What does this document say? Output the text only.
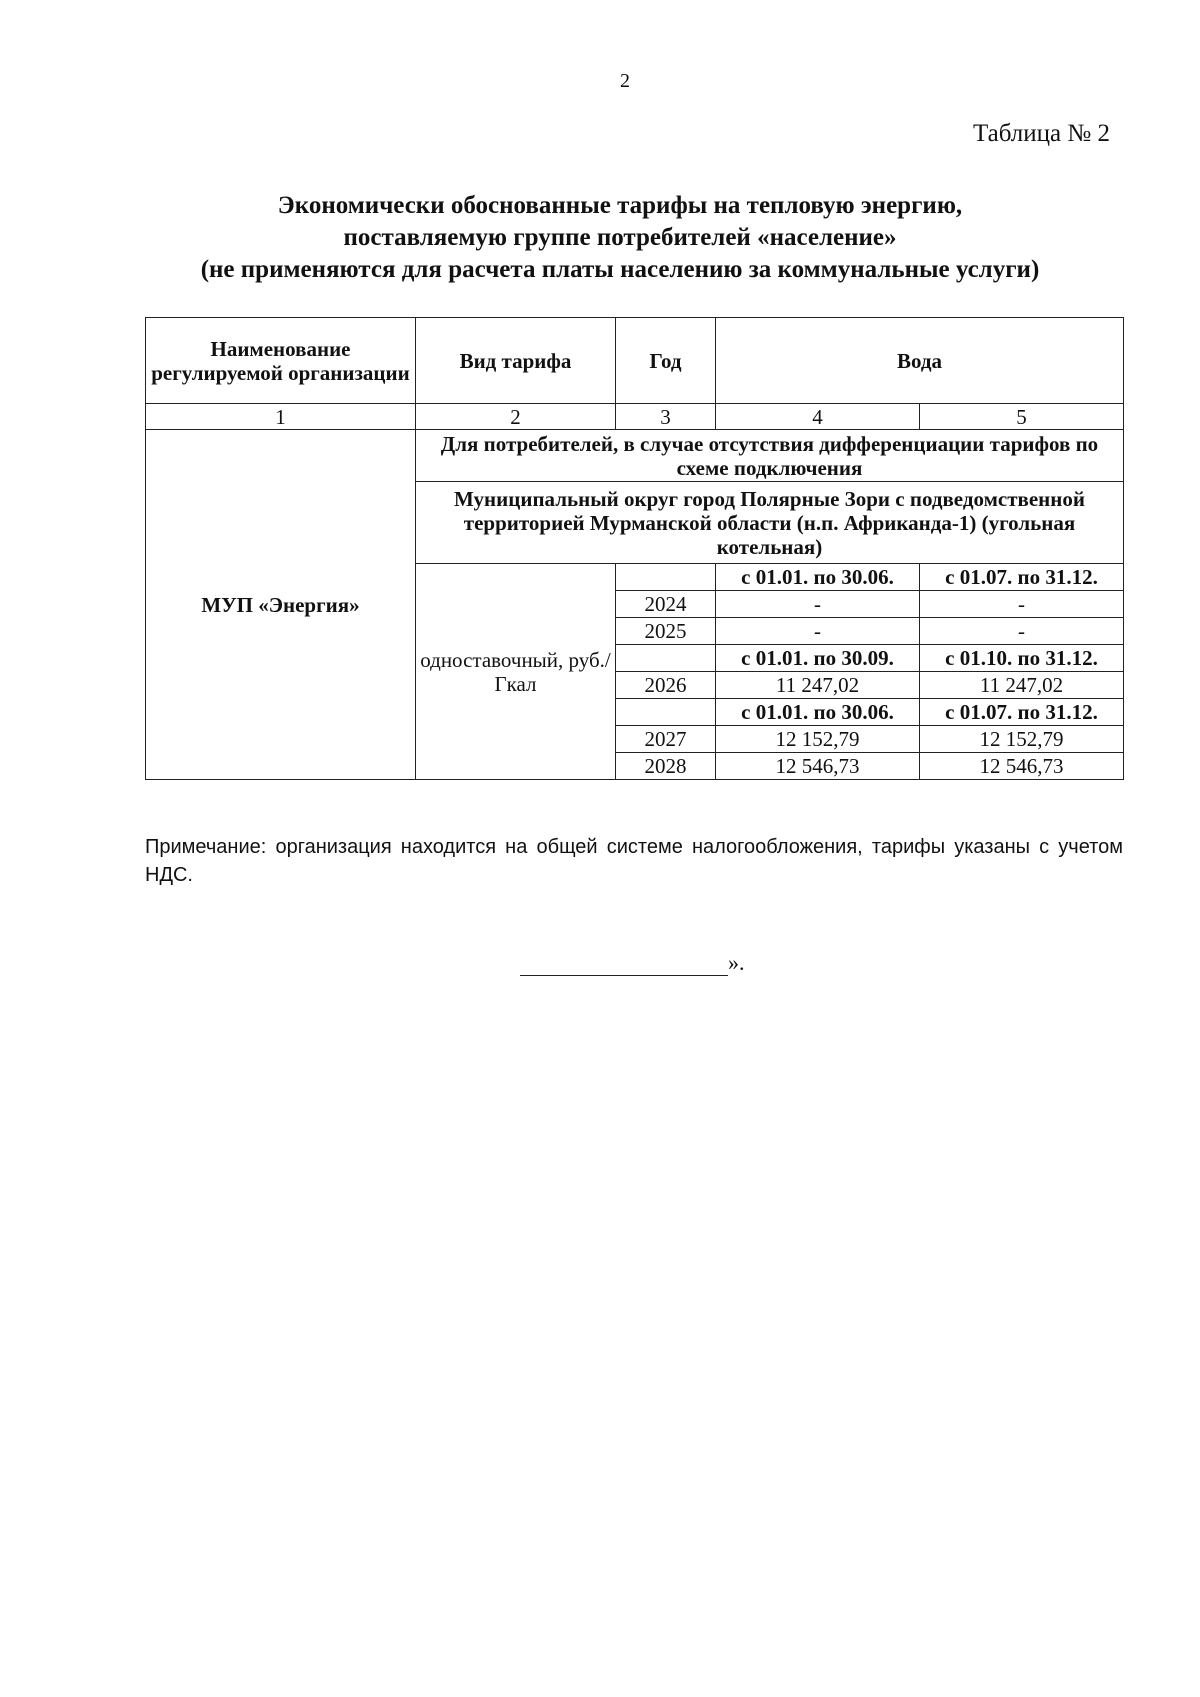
2
Таблица № 2
Экономически обоснованные тарифы на тепловую энергию,
поставляемую группе потребителей «население»
(не применяются для расчета платы населению за коммунальные услуги)
Наименование регулируемой организации	Вид тарифа	Год	Вода	
1	2	3	4	5
МУП «Энергия»	Для потребителей, в случае отсутствия дифференциации тарифов по схеме подключения			
	Муниципальный округ город Полярные Зори с подведомственной территорией Мурманской области (н.п. Африканда-1) (угольная котельная)			
	одноставочный, руб./Гкал		с 01.01. по 30.06.	с 01.07. по 31.12.
		2024	-	-
		2025	-	-
			с 01.01. по 30.09.	с 01.10. по 31.12.
		2026	11 247,02	11 247,02
			с 01.01. по 30.06.	с 01.07. по 31.12.
		2027	12 152,79	12 152,79
		2028	12 546,73	12 546,73
Примечание: организация находится на общей системе налогообложения, тарифы указаны с учетом НДС.
».
